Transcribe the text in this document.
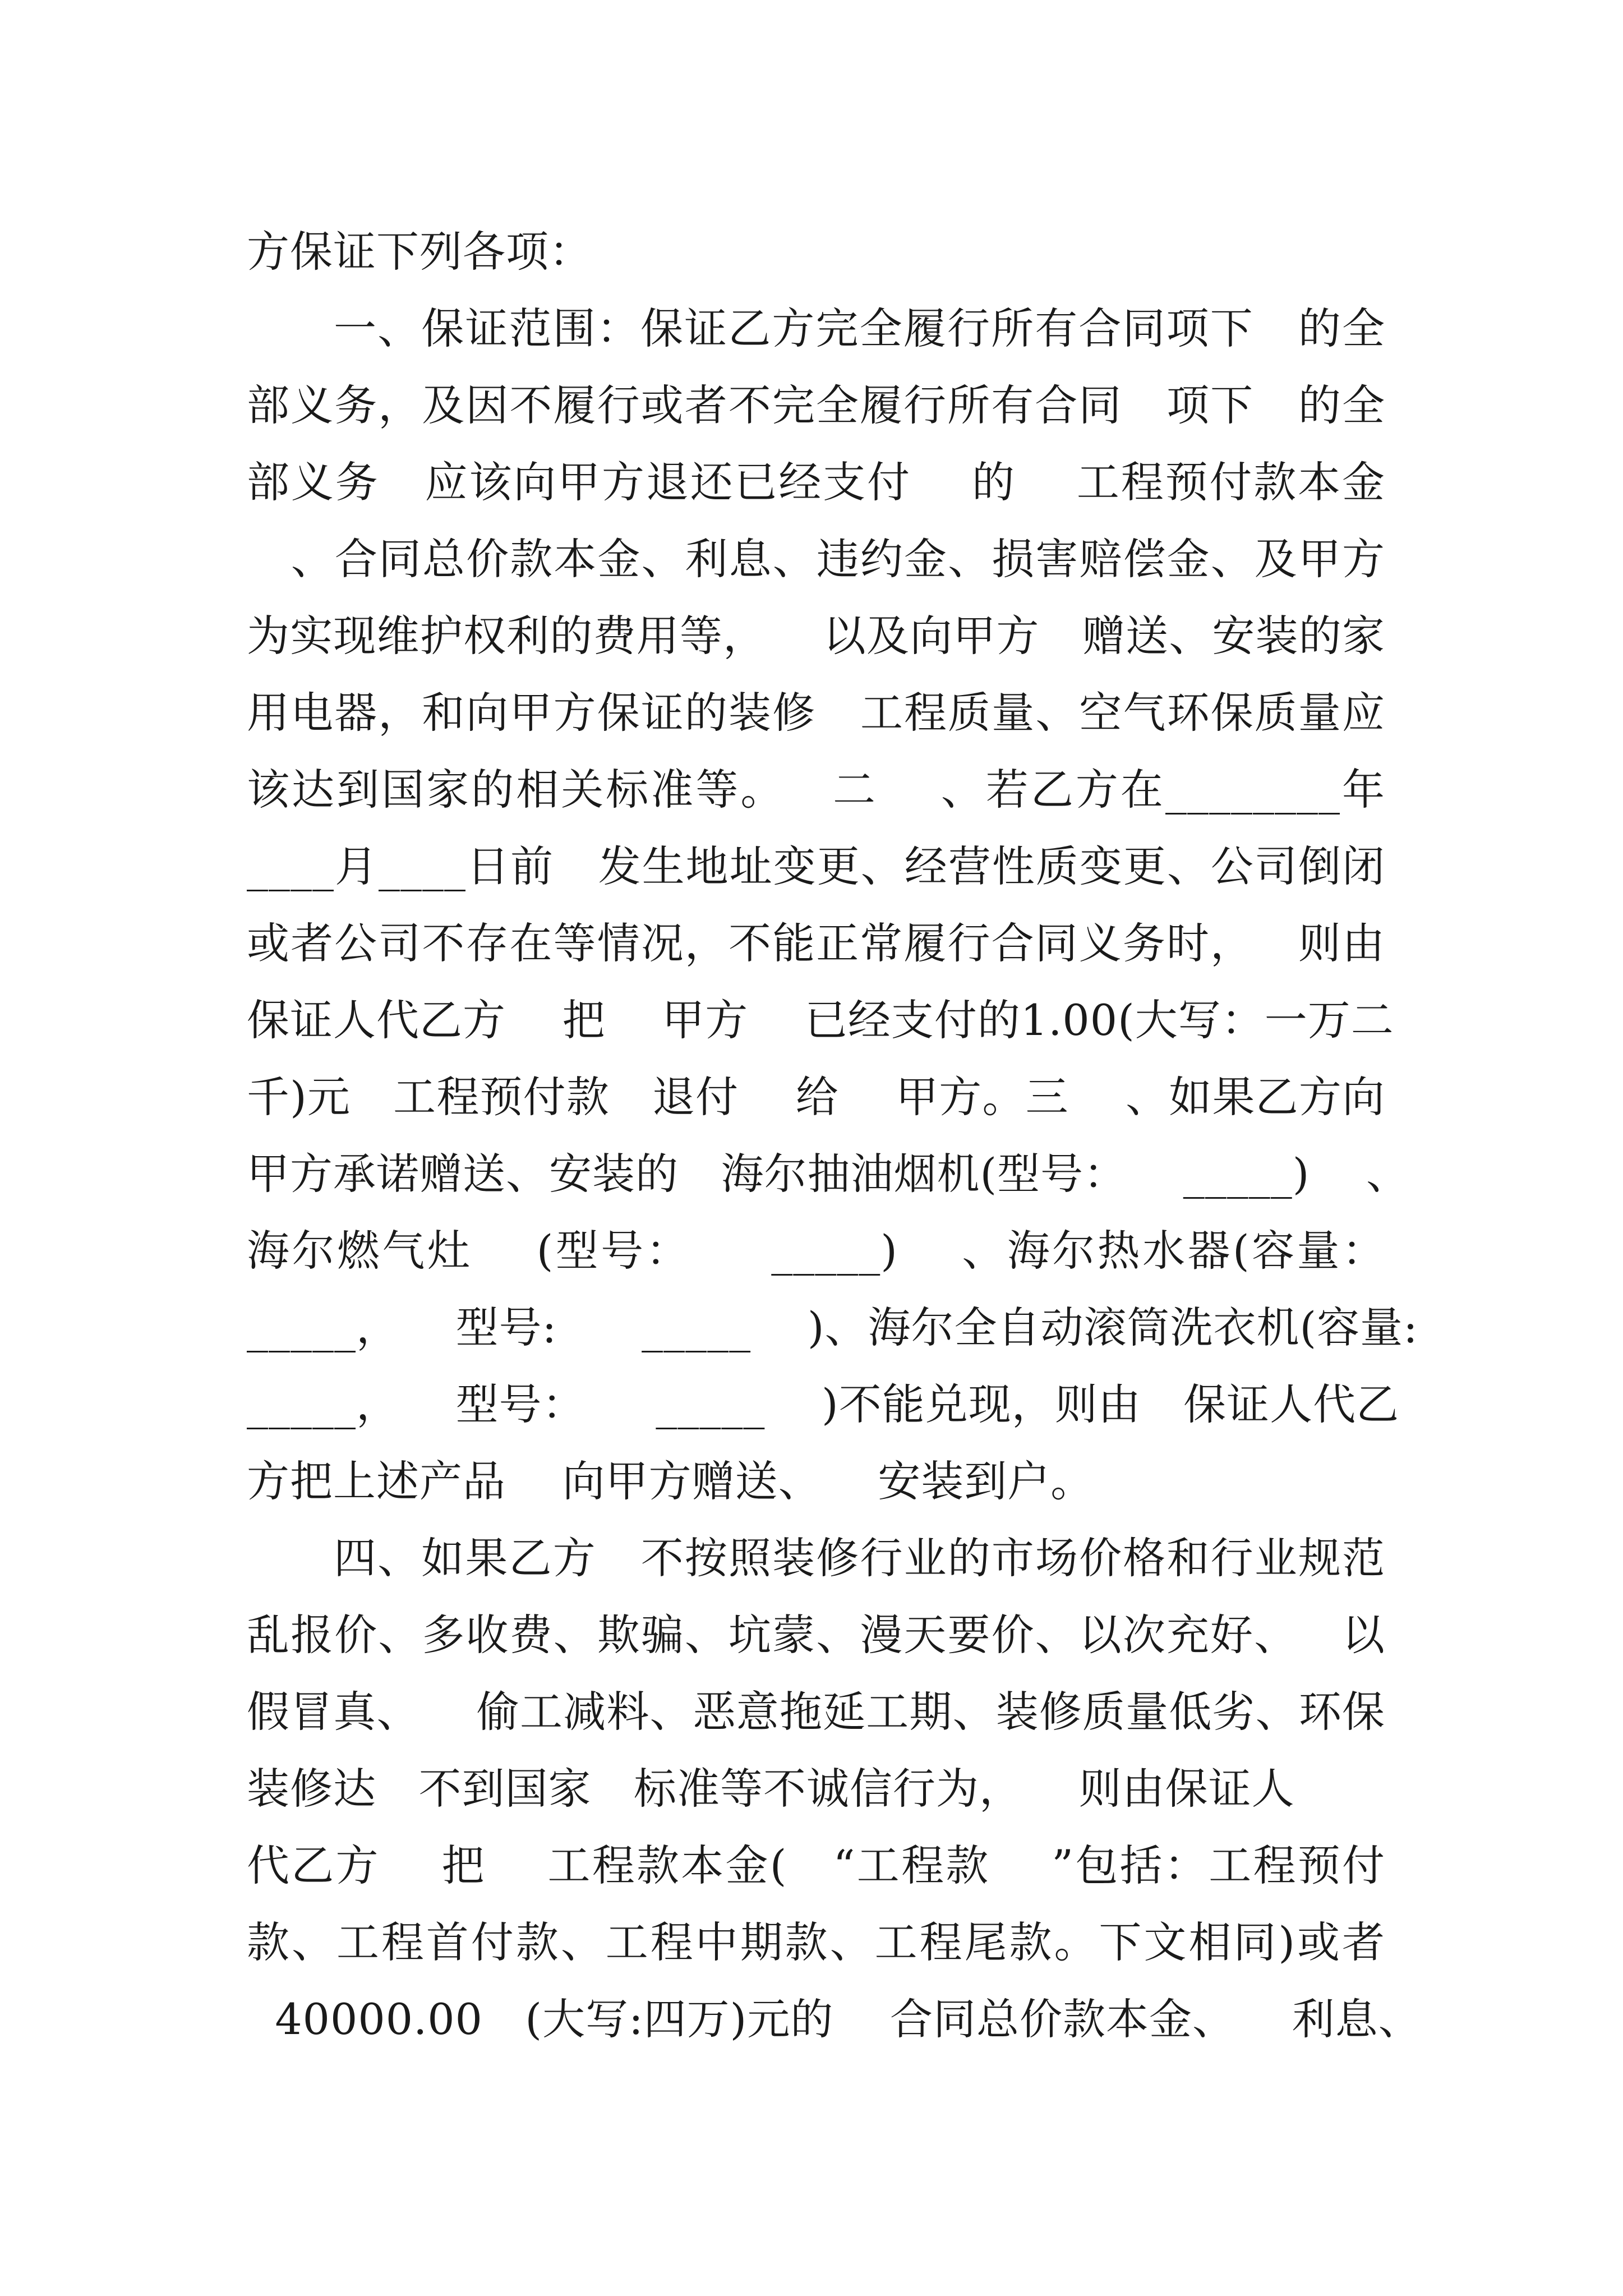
方保证下列各项：
一、保证范围：保证乙方完全履行所有合同项下   的全
部义务，及因不履行或者不完全履行所有合同   项下   的全
部义务   应该向甲方退还已经支付    的    工程预付款本金
、合同总价款本金、利息、违约金、损害赔偿金、及甲方
为实现维护权利的费用等，    以及向甲方   赠送、安装的家
用电器，和向甲方保证的装修   工程质量、空气环保质量应
该达到国家的相关标准等。   二    、若乙方在________年
____月____日前   发生地址变更、经营性质变更、公司倒闭
或者公司不存在等情况，不能正常履行合同义务时，   则由
保证人代乙方    把    甲方    已经支付的1.00(大写：一万二
千)元   工程预付款   退付    给    甲方。三    、如果乙方向
甲方承诺赠送、安装的   海尔抽油烟机(型号：    _____)    、
海尔燃气灶    (型号：     _____)    、海尔热水器(容量：
_____，    型号:      _____    )、海尔全自动滚筒洗衣机(容量:
_____，    型号：     _____    )不能兑现，则由   保证人代乙
方把上述产品    向甲方赠送、    安装到户。
四、如果乙方   不按照装修行业的市场价格和行业规范
乱报价、多收费、欺骗、坑蒙、漫天要价、以次充好、   以
假冒真、    偷工减料、恶意拖延工期、装修质量低劣、环保
装修达   不到国家   标准等不诚信行为，    则由保证人
代乙方    把    工程款本金(   “工程款    ”包括：工程预付
款、工程首付款、工程中期款、工程尾款。下文相同)或者
40000.00   (大写:四万)元的    合同总价款本金、    利息、
